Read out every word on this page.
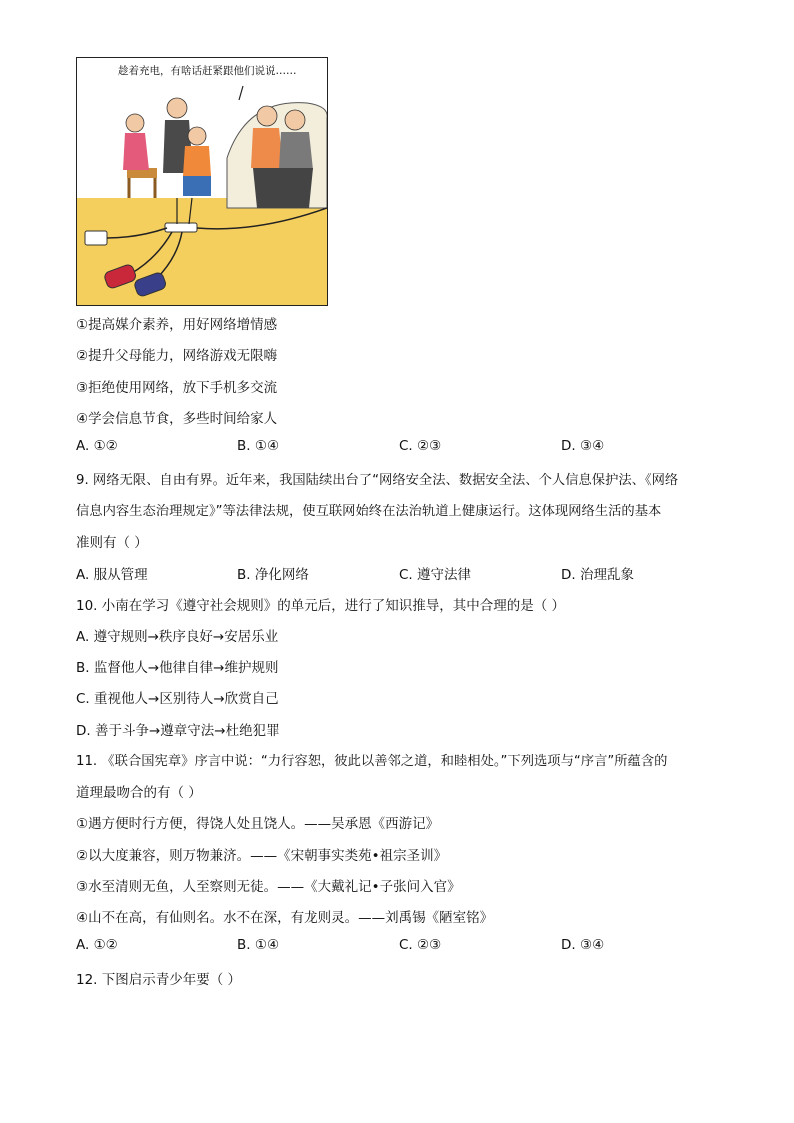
趁着充电，有啥话赶紧跟他们说说……
①提高媒介素养，用好网络增情感
②提升父母能力，网络游戏无限嗨
③拒绝使用网络，放下手机多交流
④学会信息节食，多些时间给家人
A. ①②	B. ①④	C. ②③	D. ③④
9. 网络无限、自由有界。近年来，我国陆续出台了“网络安全法、数据安全法、个人信息保护法、《网络
信息内容生态治理规定》”等法律法规，使互联网始终在法治轨道上健康运行。这体现网络生活的基本
准则有（ ）
A. 服从管理	B. 净化网络	C. 遵守法律	D. 治理乱象
10. 小南在学习《遵守社会规则》的单元后，进行了知识推导，其中合理的是（ ）
A. 遵守规则→秩序良好→安居乐业
B. 监督他人→他律自律→维护规则
C. 重视他人→区别待人→欣赏自己
D. 善于斗争→遵章守法→杜绝犯罪
11. 《联合国宪章》序言中说：“力行容恕，彼此以善邻之道，和睦相处。”下列选项与“序言”所蕴含的
道理最吻合的有（ ）
①遇方便时行方便，得饶人处且饶人。——吴承恩《西游记》
②以大度兼容，则万物兼济。——《宋朝事实类苑•祖宗圣训》
③水至清则无鱼，人至察则无徒。——《大戴礼记•子张问入官》
④山不在高，有仙则名。水不在深，有龙则灵。——刘禹锡《陋室铭》
A. ①②	B. ①④	C. ②③	D. ③④
12. 下图启示青少年要（ ）
